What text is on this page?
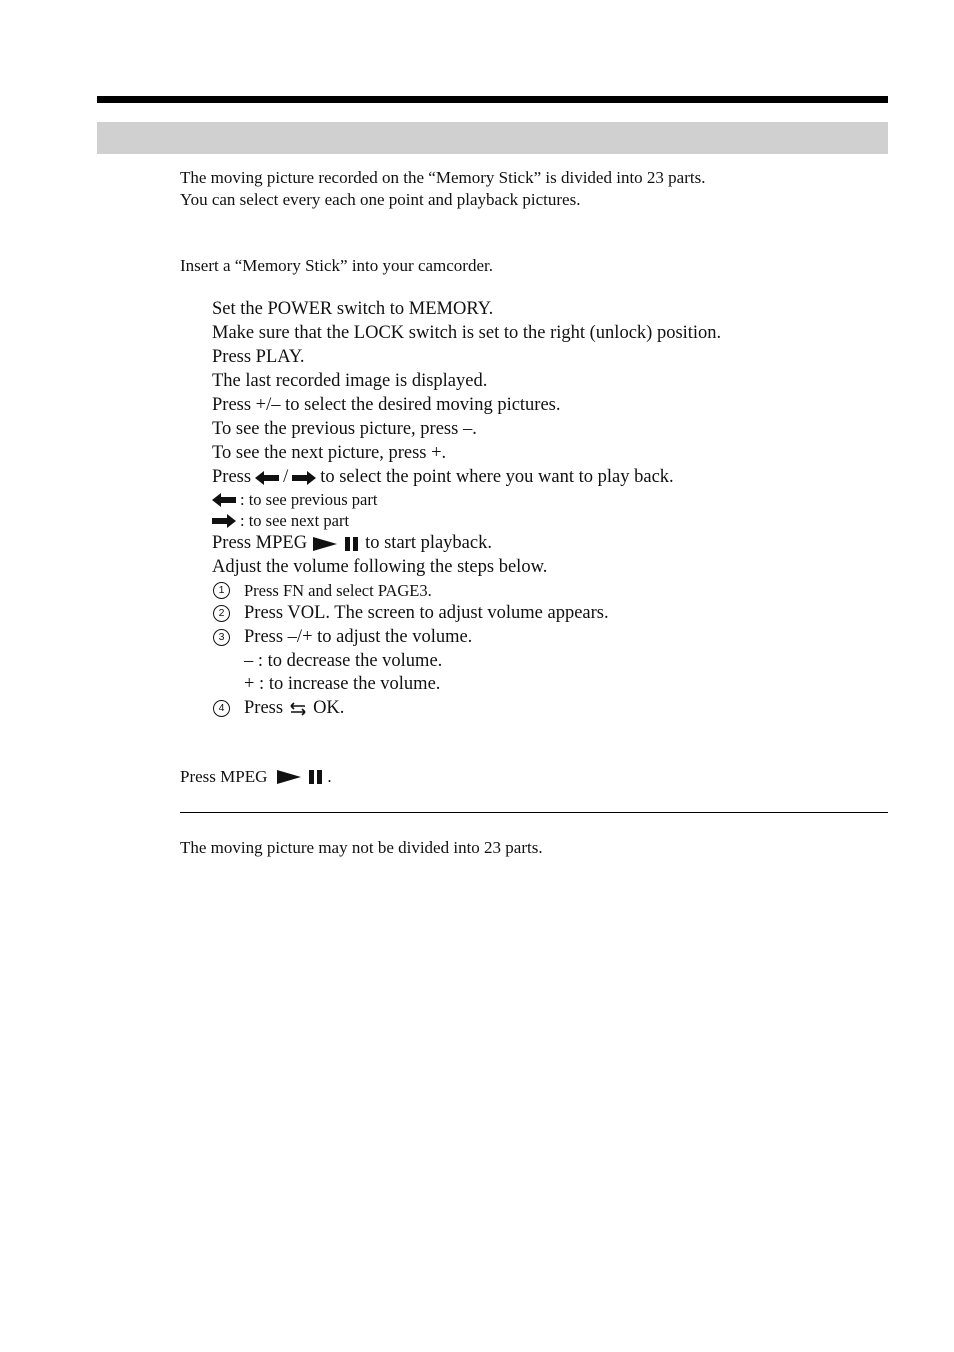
The moving picture recorded on the “Memory Stick” is divided into 23 parts.
You can select every each one point and playback pictures.
Insert a “Memory Stick” into your camcorder.
Set the POWER switch to MEMORY.
Make sure that the LOCK switch is set to the right (unlock) position.
Press PLAY.
The last recorded image is displayed.
Press +/– to select the desired moving pictures.
To see the previous picture, press –.
To see the next picture, press +.
Press / to select the point where you want to play back.
: to see previous part
: to see next part
Press MPEG	to start playback.
Adjust the volume following the steps below.
1	Press FN and select PAGE3.
2	Press VOL. The screen to adjust volume appears.
3	Press –/+ to adjust the volume.
– : to decrease the volume.
+ : to increase the volume.
4	Press OK.
Press MPEG	.
The moving picture may not be divided into 23 parts.
